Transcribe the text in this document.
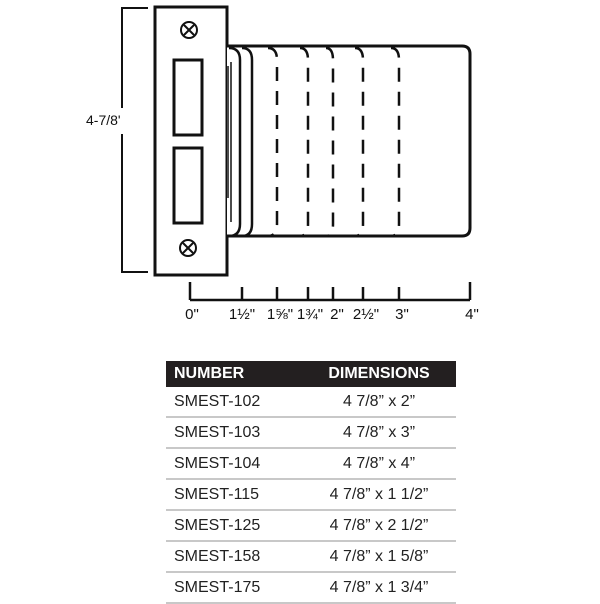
4-7/8'
0" 1½" 1⅝" 1¾" 2" 2½" 3"	4"
NUMBER	DIMENSIONS
SMEST-102	4 7/8” x 2”
SMEST-103	4 7/8” x 3”
SMEST-104	4 7/8” x 4”
SMEST-115	4 7/8” x 1 1/2”
SMEST-125	4 7/8” x 2 1/2”
SMEST-158	4 7/8” x 1 5/8”
SMEST-175	4 7/8” x 1 3/4”
